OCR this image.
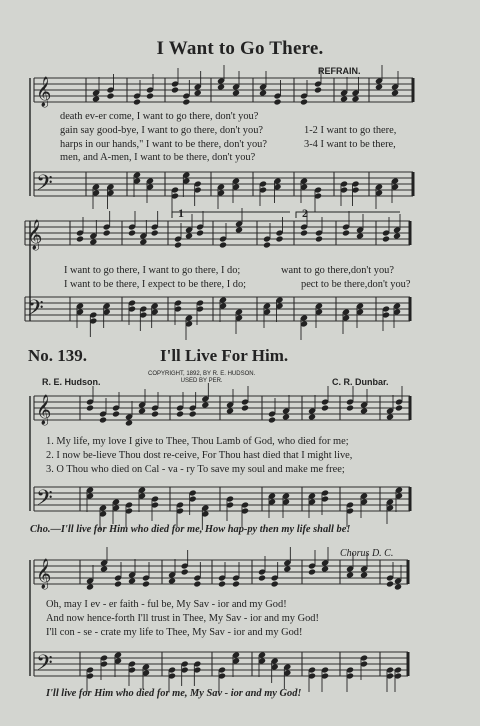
𝄞
𝄢
𝄞
𝄢
𝄞
𝄢
𝄞
𝄢
I Want to Go There.
REFRAIN.
death ev-er come, I want to go there, don't you?
gain say good-bye, I want to go there, don't you?
harps in our hands," I want to be there, don't you?
men, and A-men, I want to be there, don't you?
1-2 I want to go there,
3-4 I want to be there,
1	2
I want to go there, I want to go there, I do;
I want to be there, I expect to be there, I do;
want to go there,don't you?
pect to be there,don't you?
No. 139.	I'll Live For Him.
COPYRIGHT, 1892, BY R. E. HUDSON.
USED BY PER.
R. E. Hudson.	C. R. Dunbar.
1. My life, my love I give to Thee, Thou Lamb of God, who died for me;
2. I now be-lieve Thou dost re-ceive, For Thou hast died that I might live,
3. O Thou who died on Cal - va - ry To save my soul and make me free;
Cho.—I'll live for Him who died for me, How hap-py then my life shall be!
Chorus D. C.
Oh, may I ev - er faith - ful be, My Sav - ior and my God!
And now hence-forth I'll trust in Thee, My Sav - ior and my God!
I'll con - se - crate my life to Thee, My Sav - ior and my God!
I'll live for Him who died for me, My Sav - ior and my God!
